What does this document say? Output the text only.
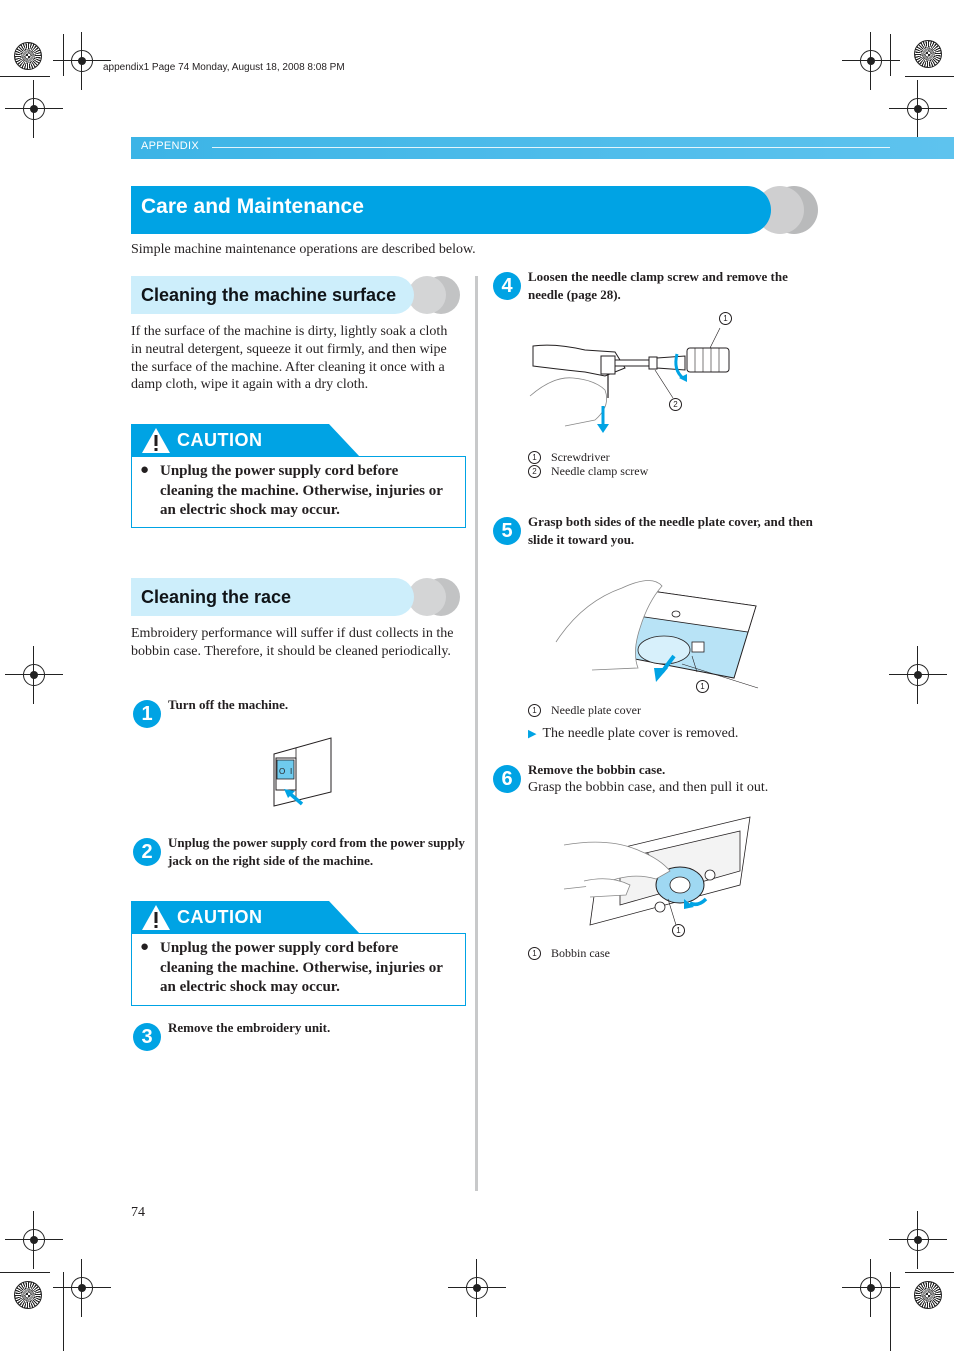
appendix1 Page 74 Monday, August 18, 2008 8:08 PM
APPENDIX
Care and Maintenance
Simple machine maintenance operations are described below.
Cleaning the machine surface
If the surface of the machine is dirty, lightly soak a cloth in neutral detergent, squeeze it out firmly, and then wipe the surface of the machine. After cleaning it once with a damp cloth, wipe it again with a dry cloth.
CAUTION
● Unplug the power supply cord before cleaning the machine. Otherwise, injuries or an electric shock may occur.
Cleaning the race
Embroidery performance will suffer if dust collects in the bobbin case. Therefore, it should be cleaned periodically.
1	Turn off the machine.
O I
2	Unplug the power supply cord from the power supply jack on the right side of the machine.
CAUTION
● Unplug the power supply cord before cleaning the machine. Otherwise, injuries or an electric shock may occur.
3	Remove the embroidery unit.
4	Loosen the needle clamp screw and remove the needle (page 28).
1
2
1 Screwdriver
2 Needle clamp screw
5	Grasp both sides of the needle plate cover, and then slide it toward you.
1
1 Needle plate cover
▶ The needle plate cover is removed.
6	Remove the bobbin case.
Grasp the bobbin case, and then pull it out.
1
1 Bobbin case
74
